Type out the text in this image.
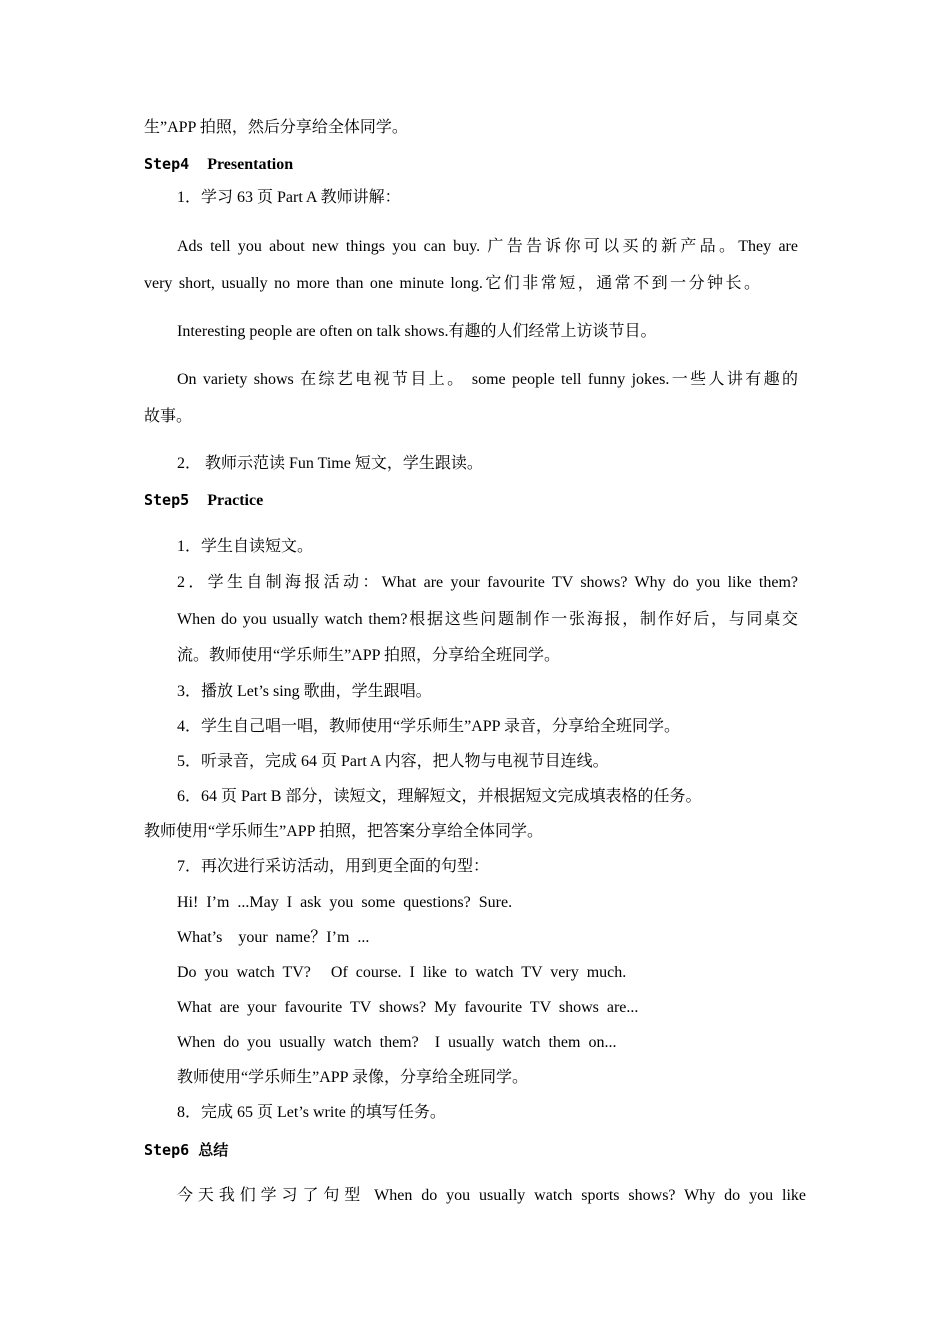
生”APP 拍照，然后分享给全体同学。
Step4 Presentation
1．学习 63 页 Part A 教师讲解：
Ads tell you about new things you can buy. 广告告诉你可以买的新产品。They are
very short, usually no more than one minute long.它们非常短，通常不到一分钟长。
Interesting people are often on talk shows.有趣的人们经常上访谈节目。
On variety shows 在综艺电视节目上。 some people tell funny jokes.一些人讲有趣的
故事。
2． 教师示范读 Fun Time 短文，学生跟读。
Step5 Practice
1．学生自读短文。
2．学生自制海报活动：What are your favourite TV shows? Why do you like them?
When do you usually watch them?根据这些问题制作一张海报，制作好后，与同桌交
流。教师使用“学乐师生”APP 拍照，分享给全班同学。
3．播放 Let’s sing 歌曲，学生跟唱。
4．学生自己唱一唱，教师使用“学乐师生”APP 录音，分享给全班同学。
5．听录音，完成 64 页 Part A 内容，把人物与电视节目连线。
6．64 页 Part B 部分，读短文，理解短文，并根据短文完成填表格的任务。
教师使用“学乐师生”APP 拍照，把答案分享给全体同学。
7．再次进行采访活动，用到更全面的句型：
Hi!  I’m  ...May  I  ask  you  some  questions?  Sure.
What’s    your  name？I’m  ...
Do  you  watch  TV?     Of  course.  I  like  to  watch  TV  very  much.
What  are  your  favourite  TV  shows?  My  favourite  TV  shows  are...
When  do  you  usually  watch  them?    I  usually  watch  them  on...
教师使用“学乐师生”APP 录像，分享给全班同学。
8．完成 65 页 Let’s write 的填写任务。
Step6 总结
今天我们学习了句型 When do you usually watch sports shows? Why do you like
